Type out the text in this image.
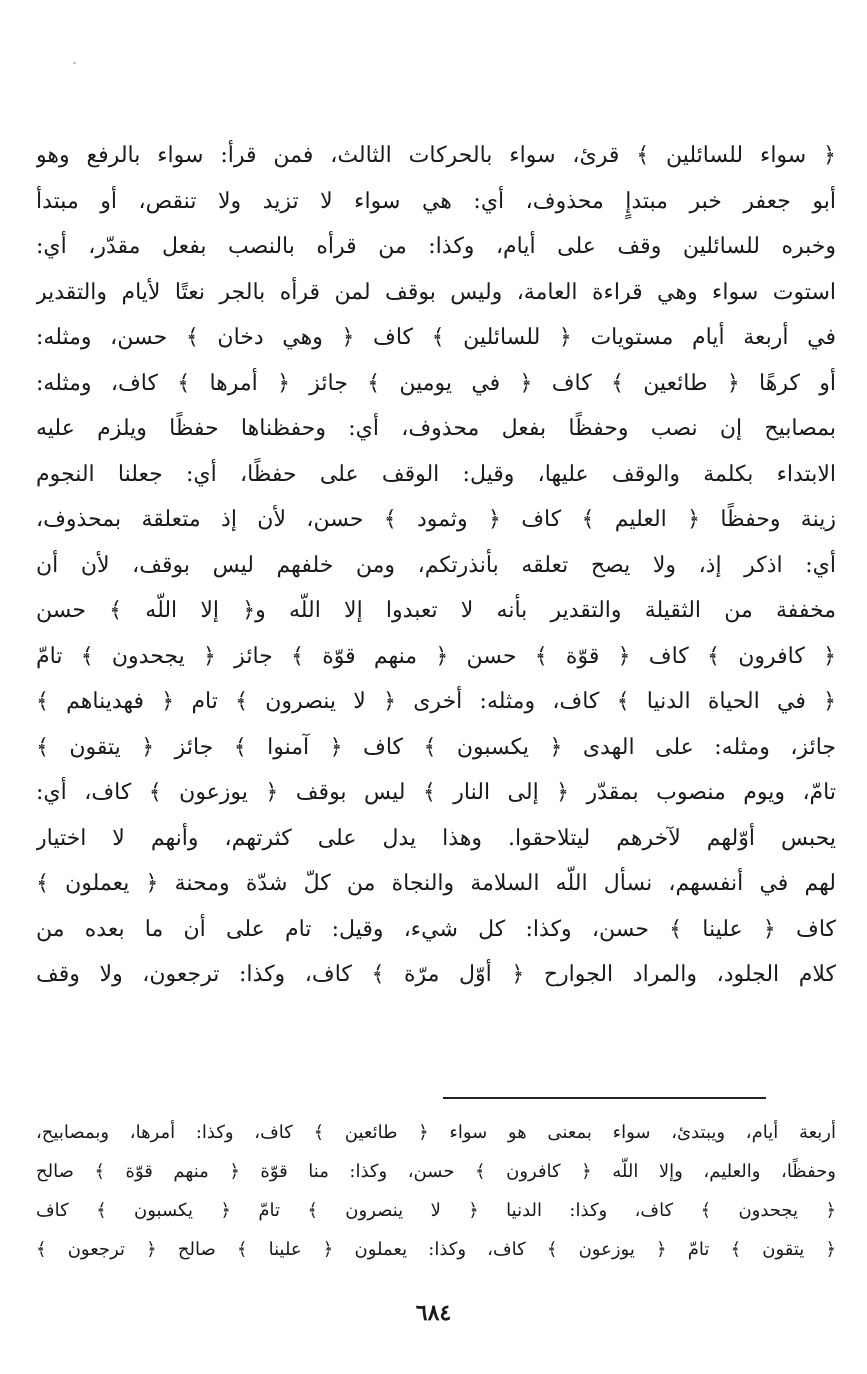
﴿ سواء للسائلين ﴾ قرئ، سواء بالحركات الثالث، فمن قرأ: سواء بالرفع وهو
أبو جعفر خبر مبتدإٍ محذوف، أي: هي سواء لا تزيد ولا تنقص، أو مبتدأ
وخبره للسائلين وقف على أيام، وكذا: من قرأه بالنصب بفعل مقدّر، أي:
استوت سواء وهي قراءة العامة، وليس بوقف لمن قرأه بالجر نعتًا لأيام والتقدير
في أربعة أيام مستويات ﴿ للسائلين ﴾ كاف ﴿ وهي دخان ﴾ حسن، ومثله:
أو كرهًا ﴿ طائعين ﴾ كاف ﴿ في يومين ﴾ جائز ﴿ أمرها ﴾ كاف، ومثله:
بمصابيح إن نصب وحفظًا بفعل محذوف، أي: وحفظناها حفظًا ويلزم عليه
الابتداء بكلمة والوقف عليها، وقيل: الوقف على حفظًا، أي: جعلنا النجوم
زينة وحفظًا ﴿ العليم ﴾ كاف ﴿ وثمود ﴾ حسن، لأن إذ متعلقة بمحذوف،
أي: اذكر إذ، ولا يصح تعلقه بأنذرتكم، ومن خلفهم ليس بوقف، لأن أن
مخففة من الثقيلة والتقدير بأنه لا تعبدوا إلا اللّه و﴿ إلا اللّه ﴾ حسن
﴿ كافرون ﴾ كاف ﴿ قوّة ﴾ حسن ﴿ منهم قوّة ﴾ جائز ﴿ يجحدون ﴾ تامّ
﴿ في الحياة الدنيا ﴾ كاف، ومثله: أخرى ﴿ لا ينصرون ﴾ تام ﴿ فهديناهم ﴾
جائز، ومثله: على الهدى ﴿ يكسبون ﴾ كاف ﴿ آمنوا ﴾ جائز ﴿ يتقون ﴾
تامّ، ويوم منصوب بمقدّر ﴿ إلى النار ﴾ ليس بوقف ﴿ يوزعون ﴾ كاف، أي:
يحبس أوّلهم لآخرهم ليتلاحقوا. وهذا يدل على كثرتهم، وأنهم لا اختيار
لهم في أنفسهم، نسأل اللّه السلامة والنجاة من كلّ شدّة ومحنة ﴿ يعملون ﴾
كاف ﴿ علينا ﴾ حسن، وكذا: كل شيء، وقيل: تام على أن ما بعده من
كلام الجلود، والمراد الجوارح ﴿ أوّل مرّة ﴾ كاف، وكذا: ترجعون، ولا وقف
أربعة أيام، ويبتدئ، سواء بمعنى هو سواء ﴿ طائعين ﴾ كاف، وكذا: أمرها، وبمصابيح،
وحفظًا، والعليم، وإلا اللّه ﴿ كافرون ﴾ حسن، وكذا: منا قوّة ﴿ منهم قوّة ﴾ صالح
﴿ يجحدون ﴾ كاف، وكذا: الدنيا ﴿ لا ينصرون ﴾ تامّ ﴿ يكسبون ﴾ كاف
﴿ يتقون ﴾ تامّ ﴿ يوزعون ﴾ كاف، وكذا: يعملون ﴿ علينا ﴾ صالح ﴿ ترجعون ﴾
٦٨٤
